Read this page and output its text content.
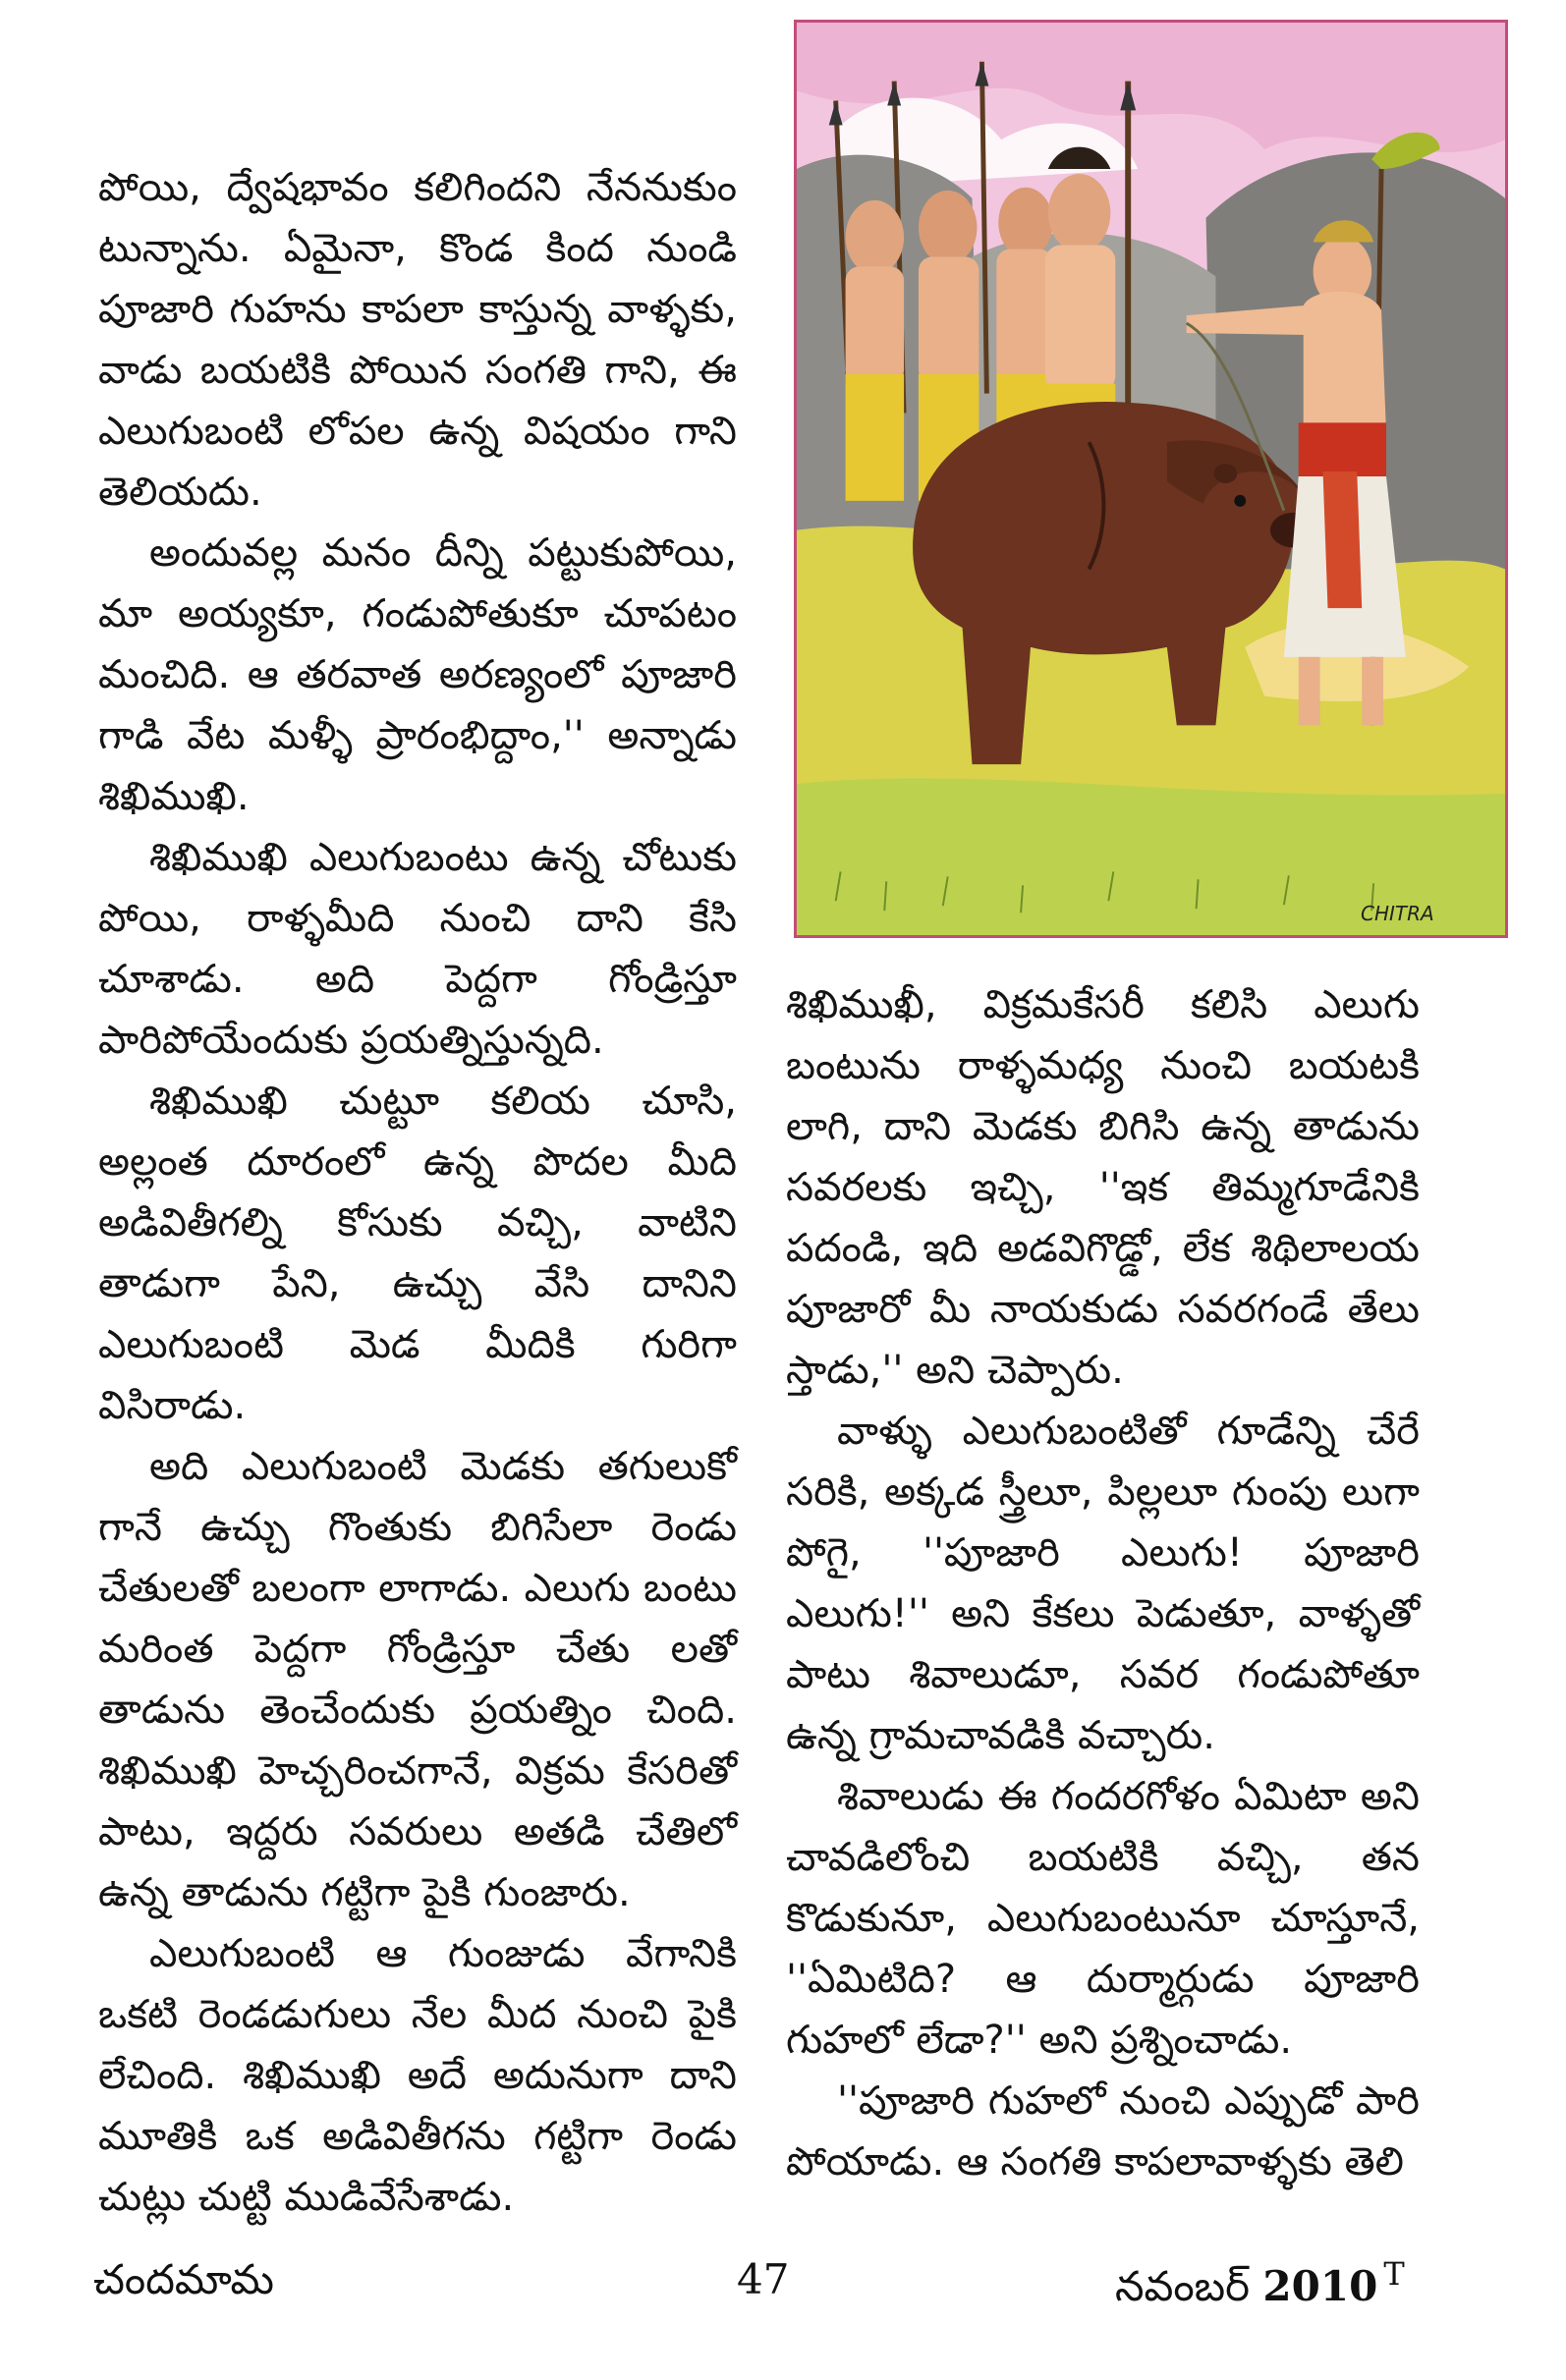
CHITRA

పోయి, ద్వేషభావం కలిగిందని నేననుకుం టున్నాను. ఏమైనా, కొండ కింద నుండి పూజారి గుహను కాపలా కాస్తున్న వాళ్ళకు, వాడు బయటికి పోయిన సంగతి గాని, ఈ ఎలుగుబంటి లోపల ఉన్న విషయం గాని తెలియదు.

అందువల్ల మనం దీన్ని పట్టుకుపోయి, మా అయ్యకూ, గండుపోతుకూ చూపటం మంచిది. ఆ తరవాత అరణ్యంలో పూజారి గాడి వేట మళ్ళీ ప్రారంభిద్దాం,'' అన్నాడు శిఖిముఖి.

శిఖిముఖి ఎలుగుబంటు ఉన్న చోటుకు పోయి, రాళ్ళమీది నుంచి దాని కేసి చూశాడు. అది పెద్దగా గోండ్రిస్తూ పారిపోయేందుకు ప్రయత్నిస్తున్నది.

శిఖిముఖి చుట్టూ కలియ చూసి, అల్లంత దూరంలో ఉన్న పొదల మీది అడివితీగల్ని కోసుకు వచ్చి, వాటిని తాడుగా పేని, ఉచ్చు వేసి దానిని ఎలుగుబంటి మెడ మీదికి గురిగా విసిరాడు.

అది ఎలుగుబంటి మెడకు తగులుకో గానే ఉచ్చు గొంతుకు బిగిసేలా రెండు చేతులతో బలంగా లాగాడు. ఎలుగు బంటు మరింత పెద్దగా గోండ్రిస్తూ చేతు లతో తాడును తెంచేందుకు ప్రయత్నిం చింది. శిఖిముఖి హెచ్చరించగానే, విక్రమ కేసరితో పాటు, ఇద్దరు సవరులు అతడి చేతిలో ఉన్న తాడును గట్టిగా పైకి గుంజారు.

ఎలుగుబంటి ఆ గుంజుడు వేగానికి ఒకటి రెండడుగులు నేల మీద నుంచి పైకి లేచింది. శిఖిముఖి అదే అదునుగా దాని మూతికి ఒక అడివితీగను గట్టిగా రెండు చుట్లు చుట్టి ముడివేసేశాడు.

శిఖిముఖీ, విక్రమకేసరీ కలిసి ఎలుగు బంటును రాళ్ళమధ్య నుంచి బయటకి లాగి, దాని మెడకు బిగిసి ఉన్న తాడును సవరలకు ఇచ్చి, ''ఇక తిమ్మగూడేనికి పదండి, ఇది అడవిగొడ్డో, లేక శిథిలాలయ పూజారో మీ నాయకుడు సవరగండే తేలు స్తాడు,'' అని చెప్పారు.

వాళ్ళు ఎలుగుబంటితో గూడేన్ని చేరే సరికి, అక్కడ స్త్రీలూ, పిల్లలూ గుంపు లుగా పోగై, ''పూజారి ఎలుగు! పూజారి ఎలుగు!'' అని కేకలు పెడుతూ, వాళ్ళతో పాటు శివాలుడూ, సవర గండుపోతూ ఉన్న గ్రామచావడికి వచ్చారు.

శివాలుడు ఈ గందరగోళం ఏమిటా అని చావడిలోంచి బయటికి వచ్చి, తన కొడుకునూ, ఎలుగుబంటునూ చూస్తూనే, ''ఏమిటిది? ఆ దుర్మార్గుడు పూజారి గుహలో లేడా?'' అని ప్రశ్నించాడు.

''పూజారి గుహలో నుంచి ఎప్పుడో పారి పోయాడు. ఆ సంగతి కాపలావాళ్ళకు తెలి

చందమామ	47	నవంబర్ 2010 $^T$
